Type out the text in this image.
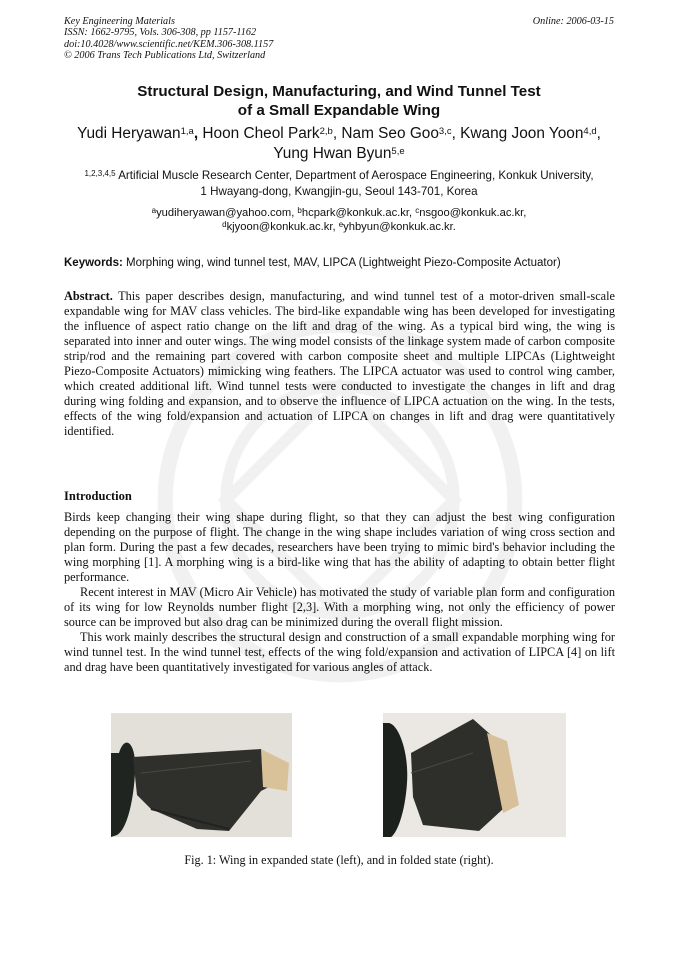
Key Engineering Materials
ISSN: 1662-9795, Vols. 306-308, pp 1157-1162
doi:10.4028/www.scientific.net/KEM.306-308.1157
© 2006 Trans Tech Publications Ltd, Switzerland
Online: 2006-03-15
Structural Design, Manufacturing, and Wind Tunnel Test
of a Small Expandable Wing
Yudi Heryawan$^{1,a}$, Hoon Cheol Park$^{2,b}$, Nam Seo Goo$^{3,c}$, Kwang Joon Yoon$^{4,d}$,
Yung Hwan Byun$^{5,e}$
$^{1,2,3,4,5}$ Artificial Muscle Research Center, Department of Aerospace Engineering, Konkuk University,
1 Hwayang-dong, Kwangjin-gu, Seoul 143-701, Korea
$^a$yudiheryawan@yahoo.com, $^b$hcpark@konkuk.ac.kr, $^c$nsgoo@konkuk.ac.kr,
$^d$kjyoon@konkuk.ac.kr, $^e$yhbyun@konkuk.ac.kr.
Keywords: Morphing wing, wind tunnel test, MAV, LIPCA (Lightweight Piezo-Composite Actuator)
Abstract. This paper describes design, manufacturing, and wind tunnel test of a motor-driven small-scale expandable wing for MAV class vehicles. The bird-like expandable wing has been developed for investigating the influence of aspect ratio change on the lift and drag of the wing. As a typical bird wing, the wing is separated into inner and outer wings. The wing model consists of the linkage system made of carbon composite strip/rod and the remaining part covered with carbon composite sheet and multiple LIPCAs (Lightweight Piezo-Composite Actuators) mimicking wing feathers. The LIPCA actuator was used to control wing camber, which created additional lift. Wind tunnel tests were conducted to investigate the changes in lift and drag during wing folding and expansion, and to observe the influence of LIPCA actuation on the wing. In the tests, effects of the wing fold/expansion and actuation of LIPCA on changes in lift and drag were quantitatively identified.
Introduction

Birds keep changing their wing shape during flight, so that they can adjust the best wing configuration depending on the purpose of flight. The change in the wing shape includes variation of wing cross section and plan form. During the past a few decades, researchers have been trying to mimic bird's behavior including the wing morphing [1]. A morphing wing is a bird-like wing that has the ability of adapting to obtain better flight performance.

Recent interest in MAV (Micro Air Vehicle) has motivated the study of variable plan form and configuration of its wing for low Reynolds number flight [2,3]. With a morphing wing, not only the efficiency of power source can be improved but also drag can be minimized during the overall flight mission.

This work mainly describes the structural design and construction of a small expandable morphing wing for wind tunnel test. In the wind tunnel test, effects of the wing fold/expansion and activation of LIPCA [4] on lift and drag have been quantitatively investigated for various angles of attack.

Fig. 1: Wing in expanded state (left), and in folded state (right).
